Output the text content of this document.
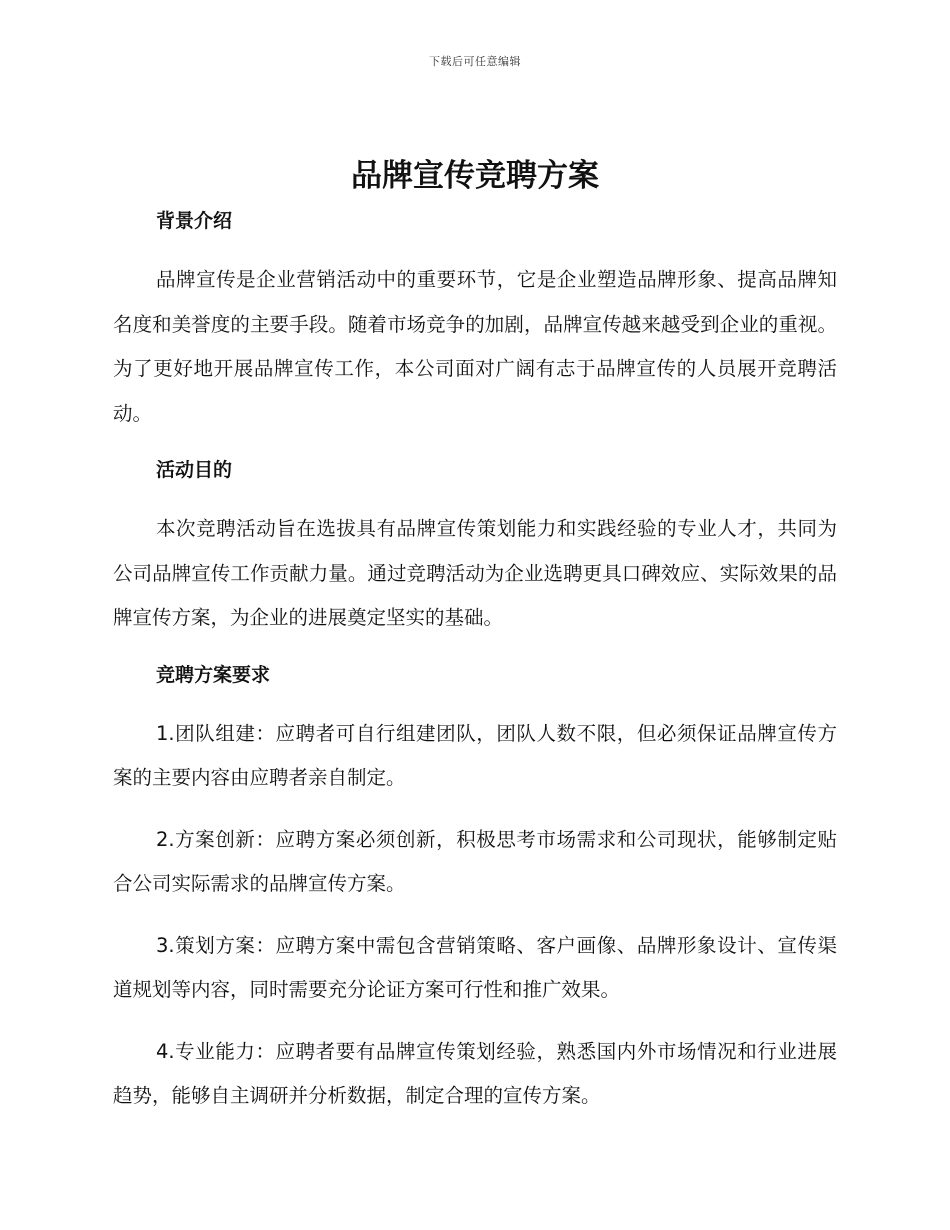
下载后可任意编辑
品牌宣传竞聘方案
背景介绍

品牌宣传是企业营销活动中的重要环节，它是企业塑造品牌形象、提高品牌知名度和美誉度的主要手段。随着市场竞争的加剧，品牌宣传越来越受到企业的重视。为了更好地开展品牌宣传工作，本公司面对广阔有志于品牌宣传的人员展开竞聘活动。

活动目的

本次竞聘活动旨在选拔具有品牌宣传策划能力和实践经验的专业人才，共同为公司品牌宣传工作贡献力量。通过竞聘活动为企业选聘更具口碑效应、实际效果的品牌宣传方案，为企业的进展奠定坚实的基础。

竞聘方案要求

1.团队组建：应聘者可自行组建团队，团队人数不限，但必须保证品牌宣传方案的主要内容由应聘者亲自制定。

2.方案创新：应聘方案必须创新，积极思考市场需求和公司现状，能够制定贴合公司实际需求的品牌宣传方案。

3.策划方案：应聘方案中需包含营销策略、客户画像、品牌形象设计、宣传渠道规划等内容，同时需要充分论证方案可行性和推广效果。

4.专业能力：应聘者要有品牌宣传策划经验，熟悉国内外市场情况和行业进展趋势，能够自主调研并分析数据，制定合理的宣传方案。
